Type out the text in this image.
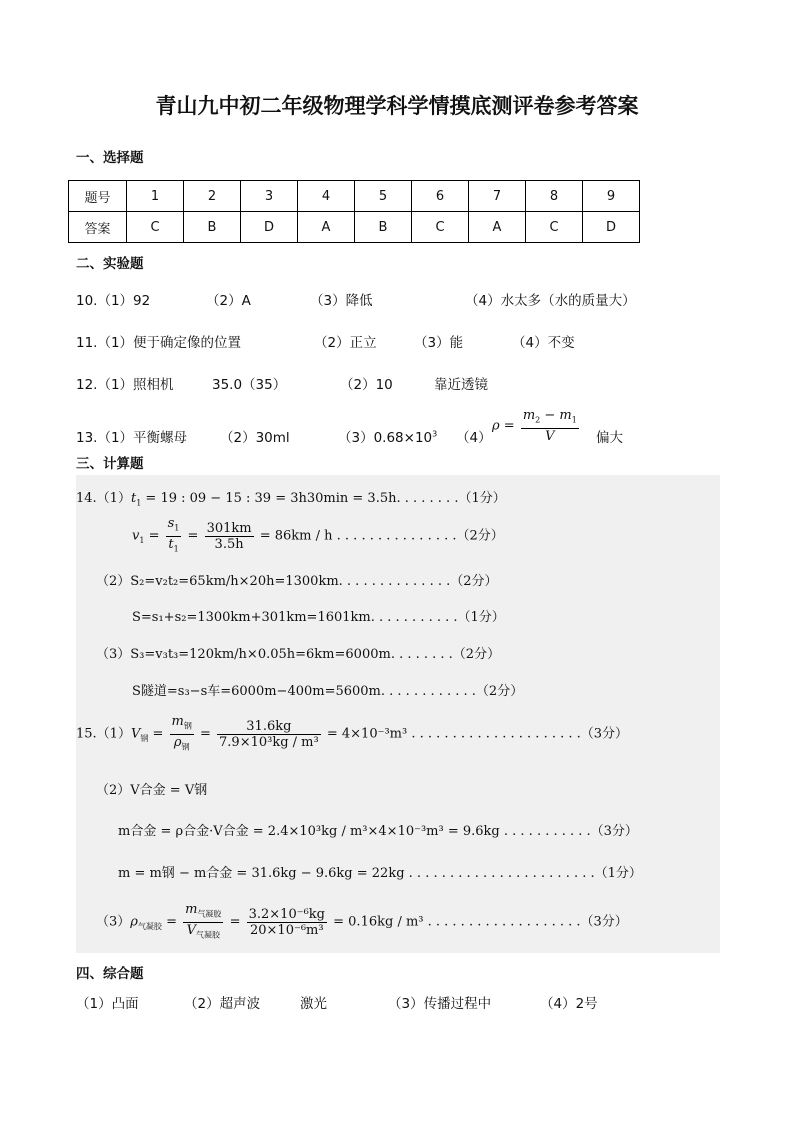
青山九中初二年级物理学科学情摸底测评卷参考答案
一、选择题
题号	1	2	3	4	5	6	7	8	9
答案	C	B	D	A	B	C	A	C	D
二、实验题
10.（1）92	（2）A	（3）降低	（4）水太多（水的质量大）
11.（1）便于确定像的位置	（2）正立	（3）能	（4）不变
12.（1）照相机	35.0（35）	（2）10	靠近透镜
13.（1）平衡螺母 （2）30ml	$(3)0.68\times 10^3$ （4）
$\rho = \frac{m_2 - m_1}{V}$ 偏大
三、计算题
$14.(1)t_1 = 19$ : 09 − 15 : 39 = 3h30min = 3.5h. . . . . . . .（1分）
$v_1 = \frac{s_1}{t_1} = \frac{301km}{3.5h} = 86km / h$ . . . . . . . . . . . . . . .（2分）
（2）S₂=v₂t₂=65km/h×20h=1300km. . . . . . . . . . . . . .（2分）
S=s₁+s₂=1300km+301km=1601km. . . . . . . . . . .（1分）
（3）S₃=v₃t₃=120km/h×0.05h=6km=6000m. . . . . . . .（2分）
S隧道=s₃−s车=6000m−400m=5600m. . . . . . . . . . . .（2分）
$15.(1)V_钢 = \frac{m_钢}{\rho_钢} = \frac{31.6kg}{\text{7.9×10³kg / m³}} = 4\times 10^{-3}m^3$ . . . . . . . . . . . . . . . . . . . . .（3分）
（2）V合金 = V钢
m合金 = ρ合金·V合金 = 2.4×10³kg / m³×4×10⁻³m³ = 9.6kg . . . . . . . . . . .（3分）
m = m钢 − m合金 = 31.6kg − 9.6kg = 22kg . . . . . . . . . . . . . . . . . . . . . . .（1分）
$(3)\rho_{气凝胶} = \frac{m_{气凝胶}}{V_{气凝胶}} = \frac{\text{3.2×10⁻⁶kg}}{\text{20×10⁻⁶m³}} = 0.16kg / m^3$ . . . . . . . . . . . . . . . . . . .（3分）
四、综合题
（1）凸面	（2）超声波	激光	（3）传播过程中	（4）2号
